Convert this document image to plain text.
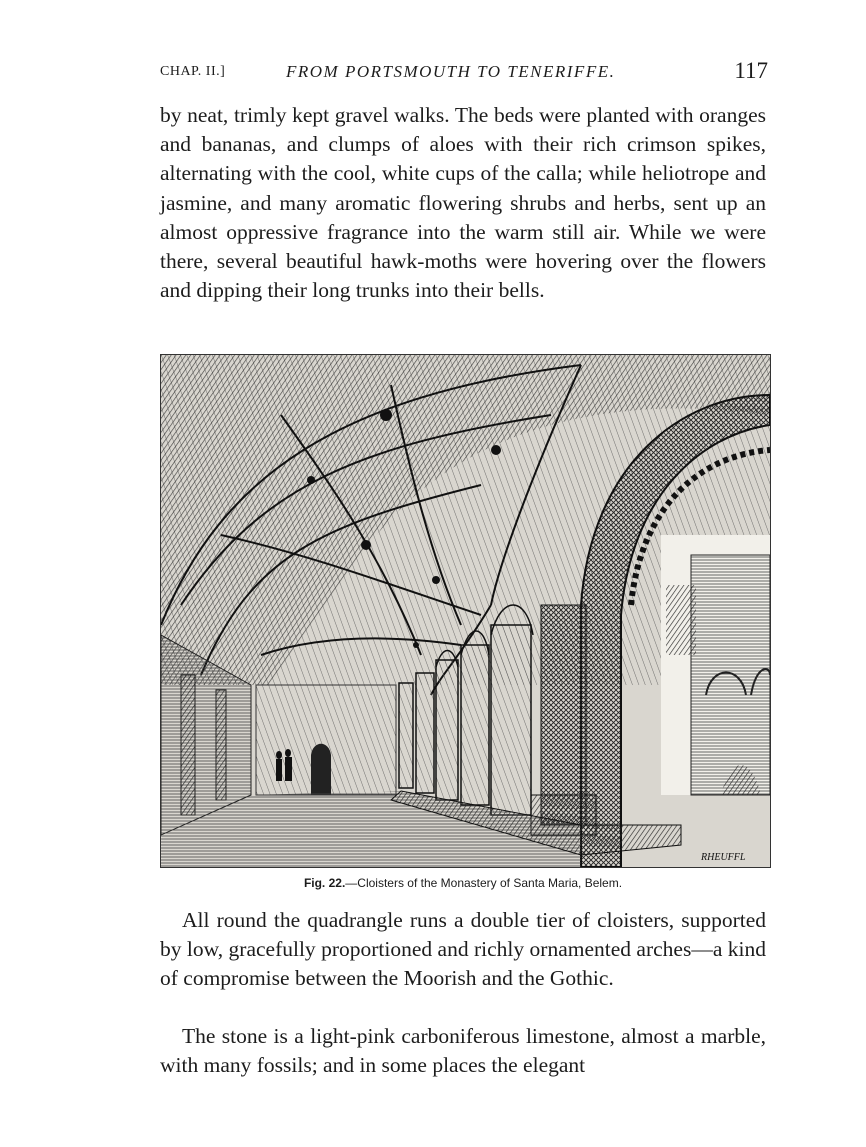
CHAP. II.]	FROM PORTSMOUTH TO TENERIFFE.	117

by neat, trimly kept gravel walks. The beds were planted with oranges and bananas, and clumps of aloes with their rich crimson spikes, alternating with the cool, white cups of the calla; while heliotrope and jasmine, and many aromatic flowering shrubs and herbs, sent up an almost oppressive fragrance into the warm still air. While we were there, several beautiful hawk-moths were hovering over the flowers and dipping their long trunks into their bells.

RHEUFFL
Fig. 22.—Cloisters of the Monastery of Santa Maria, Belem.

All round the quadrangle runs a double tier of cloisters, supported by low, gracefully proportioned and richly ornamented arches—a kind of compromise between the Moorish and the Gothic.

The stone is a light-pink carboniferous limestone, almost a marble, with many fossils; and in some places the elegant
